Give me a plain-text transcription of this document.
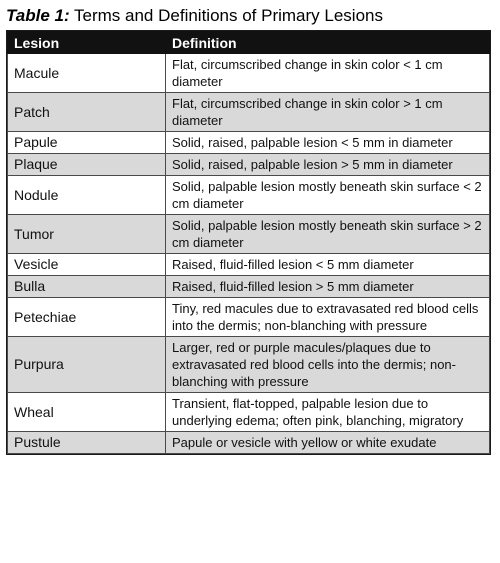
Table 1: Terms and Definitions of Primary Lesions
Lesion	Definition
Macule	Flat, circumscribed change in skin color < 1 cm diameter
Patch	Flat, circumscribed change in skin color > 1 cm diameter
Papule	Solid, raised, palpable lesion < 5 mm in diameter
Plaque	Solid, raised, palpable lesion > 5 mm in diameter
Nodule	Solid, palpable lesion mostly beneath skin surface < 2 cm diameter
Tumor	Solid, palpable lesion mostly beneath skin surface > 2 cm diameter
Vesicle	Raised, fluid-filled lesion < 5 mm diameter
Bulla	Raised, fluid-filled lesion > 5 mm diameter
Petechiae	Tiny, red macules due to extravasated red blood cells into the dermis; non-blanching with pressure
Purpura	Larger, red or purple macules/plaques due to extravasated red blood cells into the dermis; non-blanching with pressure
Wheal	Transient, flat-topped, palpable lesion due to underlying edema; often pink, blanching, migratory
Pustule	Papule or vesicle with yellow or white exudate
